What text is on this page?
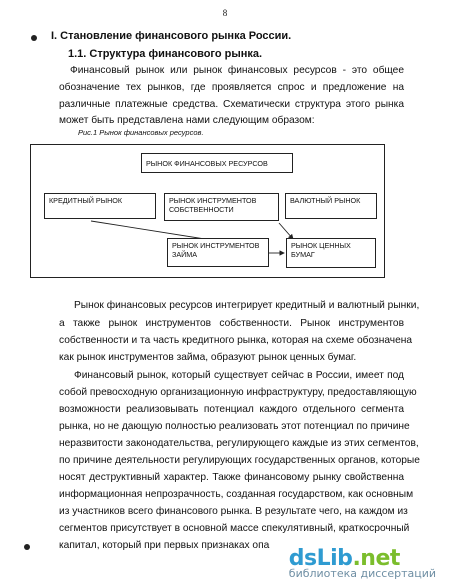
8
I. Становление финансового рынка России.
1.1. Структура финансового рынка.
Финансовый рынок или рынок финансовых ресурсов - это общее
обозначение тех рынков, где проявляется спрос и предложение на
различные платежные средства. Схематически структура этого рынка
может быть представлена нами следующим образом:
Рис.1 Рынок финансовых ресурсов.
РЫНОК ФИНАНСОВЫХ РЕСУРСОВ
КРЕДИТНЫЙ РЫНОК	РЫНОК ИНСТРУМЕНТОВ СОБСТВЕННОСТИ
ВАЛЮТНЫЙ РЫНОК
РЫНОК ИНСТРУМЕНТОВ ЗАЙМА
РЫНОК ЦЕННЫХ БУМАГ
Рынок финансовых ресурсов интегрирует кредитный и валютный рынки,
а также рынок инструментов собственности. Рынок инструментов
собственности и та часть кредитного рынка, которая на схеме обозначена
как рынок инструментов займа, образуют рынок ценных бумаг.
Финансовый рынок, который существует сейчас в России, имеет под
собой превосходную организационную инфраструктуру, предоставляющую
возможности реализовывать потенциал каждого отдельного сегмента
рынка, но не дающую полностью реализовать этот потенциал по причине
неразвитости законодательства, регулирующего каждые из этих сегментов,
по причине деятельности регулирующих государственных органов, которые
носят деструктивный характер. Также финансовому рынку свойственна
информационная непрозрачность, созданная государством, как основным
из участников всего финансового рынка. В результате чего, на каждом из
сегментов присутствует в основной массе спекулятивный, краткосрочный
капитал, который при первых признаках опа
dsLib.net
библиотека диссертаций
